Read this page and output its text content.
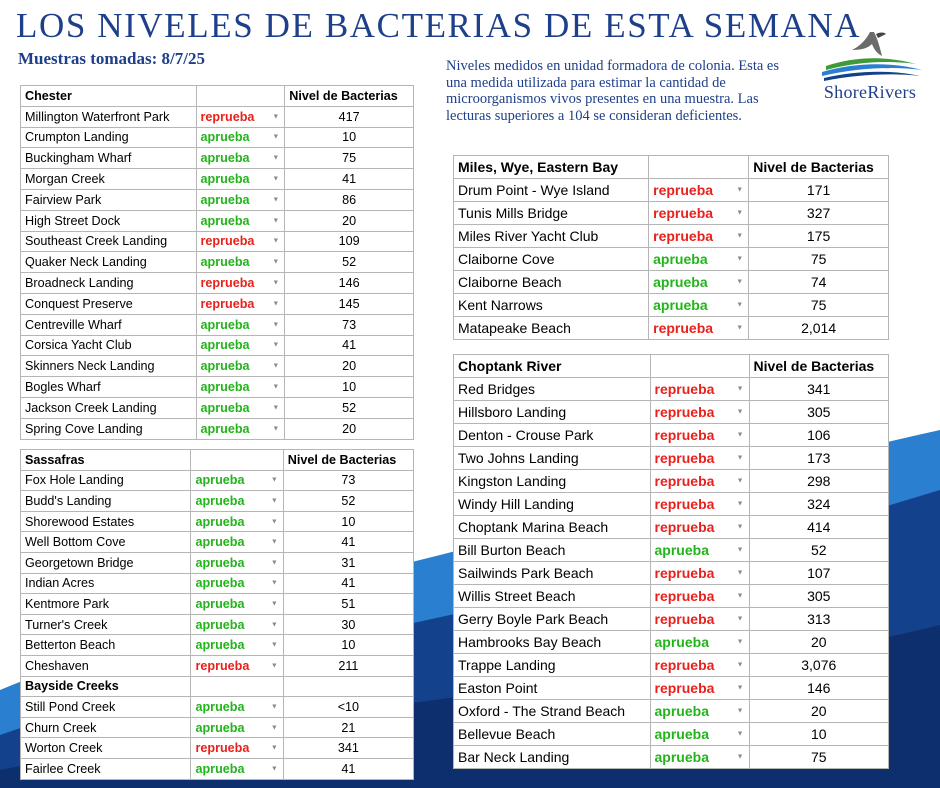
LOS NIVELES DE BACTERIAS DE ESTA SEMANA
Muestras tomadas: 8/7/25	Niveles medidos en unidad formadora de colonia. Esta es una medida utilizada para estimar la cantidad de microorganismos vivos presentes en una muestra. Las lecturas superiores a 104 se consideran deficientes.
ShoreRivers
Chester		Nivel de Bacterias
Millington Waterfront Park	reprueba ▼	417
Crumpton Landing	aprueba ▼	10
Buckingham Wharf	aprueba ▼	75
Morgan Creek	aprueba ▼	41
Fairview Park	aprueba ▼	86
High Street Dock	aprueba ▼	20
Southeast Creek Landing	reprueba ▼	109
Quaker Neck Landing	aprueba ▼	52
Broadneck Landing	reprueba ▼	146
Conquest Preserve	reprueba ▼	145
Centreville Wharf	aprueba ▼	73
Corsica Yacht Club	aprueba ▼	41
Skinners Neck Landing	aprueba ▼	20
Bogles Wharf	aprueba ▼	10
Jackson Creek Landing	aprueba ▼	52
Spring Cove Landing	aprueba ▼	20
Sassafras		Nivel de Bacterias
Fox Hole Landing	aprueba ▼	73
Budd's Landing	aprueba ▼	52
Shorewood Estates	aprueba ▼	10
Well Bottom Cove	aprueba ▼	41
Georgetown Bridge	aprueba ▼	31
Indian Acres	aprueba ▼	41
Kentmore Park	aprueba ▼	51
Turner's Creek	aprueba ▼	30
Betterton Beach	aprueba ▼	10
Cheshaven	reprueba ▼	211
Bayside Creeks		
Still Pond Creek	aprueba ▼	<10
Churn Creek	aprueba ▼	21
Worton Creek	reprueba ▼	341
Fairlee Creek	aprueba ▼	41
Miles, Wye, Eastern Bay		Nivel de Bacterias
Drum Point - Wye Island	reprueba ▼	171
Tunis Mills Bridge	reprueba ▼	327
Miles River Yacht Club	reprueba ▼	175
Claiborne Cove	aprueba ▼	75
Claiborne Beach	aprueba ▼	74
Kent Narrows	aprueba ▼	75
Matapeake Beach	reprueba ▼	2,014
Choptank River		Nivel de Bacterias
Red Bridges	reprueba ▼	341
Hillsboro Landing	reprueba ▼	305
Denton - Crouse Park	reprueba ▼	106
Two Johns Landing	reprueba ▼	173
Kingston Landing	reprueba ▼	298
Windy Hill Landing	reprueba ▼	324
Choptank Marina Beach	reprueba ▼	414
Bill Burton Beach	aprueba ▼	52
Sailwinds Park Beach	reprueba ▼	107
Willis Street Beach	reprueba ▼	305
Gerry Boyle Park Beach	reprueba ▼	313
Hambrooks Bay Beach	aprueba ▼	20
Trappe Landing	reprueba ▼	3,076
Easton Point	reprueba ▼	146
Oxford - The Strand Beach	aprueba ▼	20
Bellevue Beach	aprueba ▼	10
Bar Neck Landing	aprueba ▼	75
